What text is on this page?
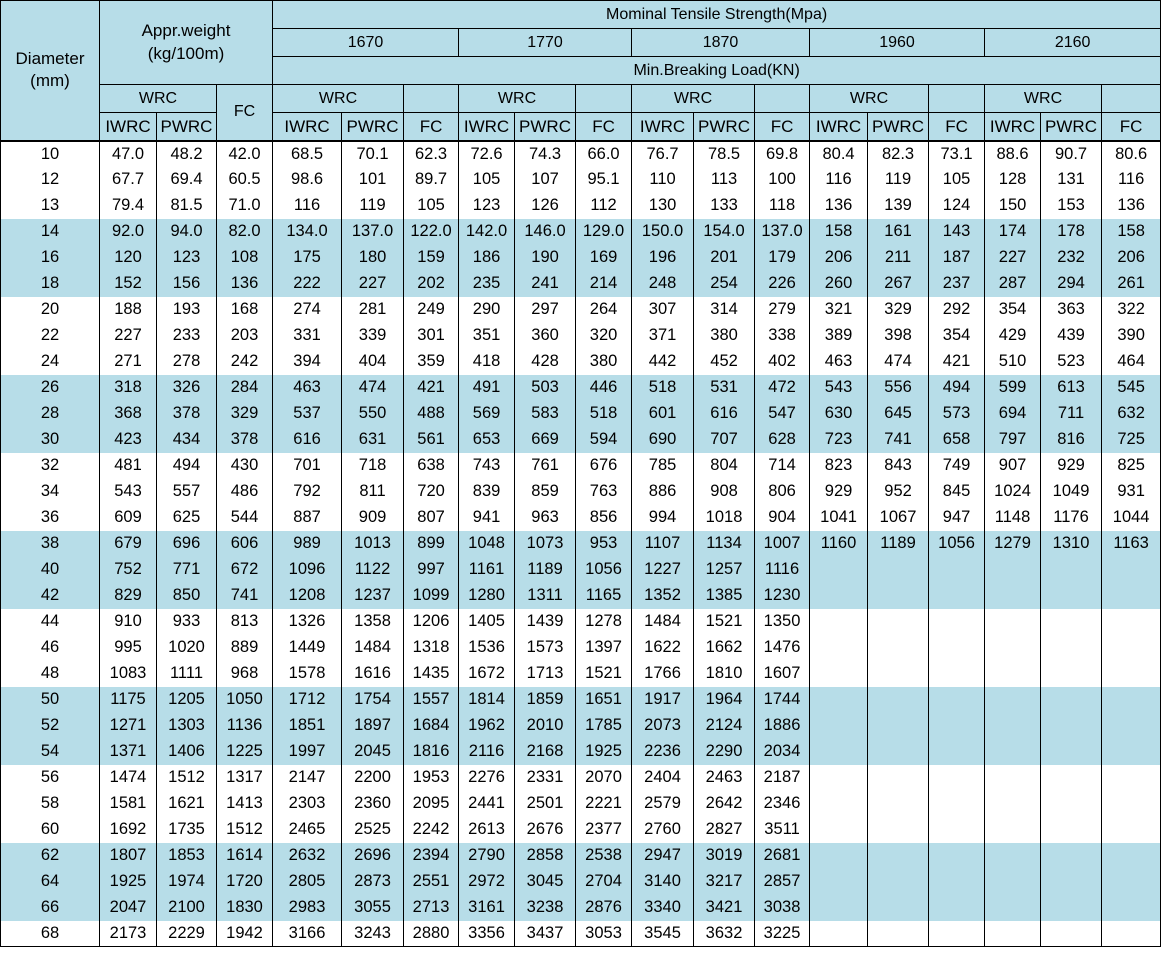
Diameter
(mm)	Appr.weight
(kg/100m)			Mominal Tensile Strength(Mpa)														
				1670			1770			1870			1960			2160		
				Min.Breaking Load(KN)														
	WRC		FC	WRC			WRC			WRC			WRC			WRC		
	IWRC	PWRC		IWRC	PWRC	FC	IWRC	PWRC	FC	IWRC	PWRC	FC	IWRC	PWRC	FC	IWRC	PWRC	FC
10	47.0	48.2	42.0	68.5	70.1	62.3	72.6	74.3	66.0	76.7	78.5	69.8	80.4	82.3	73.1	88.6	90.7	80.6
12	67.7	69.4	60.5	98.6	101	89.7	105	107	95.1	110	113	100	116	119	105	128	131	116
13	79.4	81.5	71.0	116	119	105	123	126	112	130	133	118	136	139	124	150	153	136
14	92.0	94.0	82.0	134.0	137.0	122.0	142.0	146.0	129.0	150.0	154.0	137.0	158	161	143	174	178	158
16	120	123	108	175	180	159	186	190	169	196	201	179	206	211	187	227	232	206
18	152	156	136	222	227	202	235	241	214	248	254	226	260	267	237	287	294	261
20	188	193	168	274	281	249	290	297	264	307	314	279	321	329	292	354	363	322
22	227	233	203	331	339	301	351	360	320	371	380	338	389	398	354	429	439	390
24	271	278	242	394	404	359	418	428	380	442	452	402	463	474	421	510	523	464
26	318	326	284	463	474	421	491	503	446	518	531	472	543	556	494	599	613	545
28	368	378	329	537	550	488	569	583	518	601	616	547	630	645	573	694	711	632
30	423	434	378	616	631	561	653	669	594	690	707	628	723	741	658	797	816	725
32	481	494	430	701	718	638	743	761	676	785	804	714	823	843	749	907	929	825
34	543	557	486	792	811	720	839	859	763	886	908	806	929	952	845	1024	1049	931
36	609	625	544	887	909	807	941	963	856	994	1018	904	1041	1067	947	1148	1176	1044
38	679	696	606	989	1013	899	1048	1073	953	1107	1134	1007	1160	1189	1056	1279	1310	1163
40	752	771	672	1096	1122	997	1161	1189	1056	1227	1257	1116						
42	829	850	741	1208	1237	1099	1280	1311	1165	1352	1385	1230						
44	910	933	813	1326	1358	1206	1405	1439	1278	1484	1521	1350						
46	995	1020	889	1449	1484	1318	1536	1573	1397	1622	1662	1476						
48	1083	1111	968	1578	1616	1435	1672	1713	1521	1766	1810	1607						
50	1175	1205	1050	1712	1754	1557	1814	1859	1651	1917	1964	1744						
52	1271	1303	1136	1851	1897	1684	1962	2010	1785	2073	2124	1886						
54	1371	1406	1225	1997	2045	1816	2116	2168	1925	2236	2290	2034						
56	1474	1512	1317	2147	2200	1953	2276	2331	2070	2404	2463	2187						
58	1581	1621	1413	2303	2360	2095	2441	2501	2221	2579	2642	2346						
60	1692	1735	1512	2465	2525	2242	2613	2676	2377	2760	2827	3511						
62	1807	1853	1614	2632	2696	2394	2790	2858	2538	2947	3019	2681						
64	1925	1974	1720	2805	2873	2551	2972	3045	2704	3140	3217	2857						
66	2047	2100	1830	2983	3055	2713	3161	3238	2876	3340	3421	3038						
68	2173	2229	1942	3166	3243	2880	3356	3437	3053	3545	3632	3225						
